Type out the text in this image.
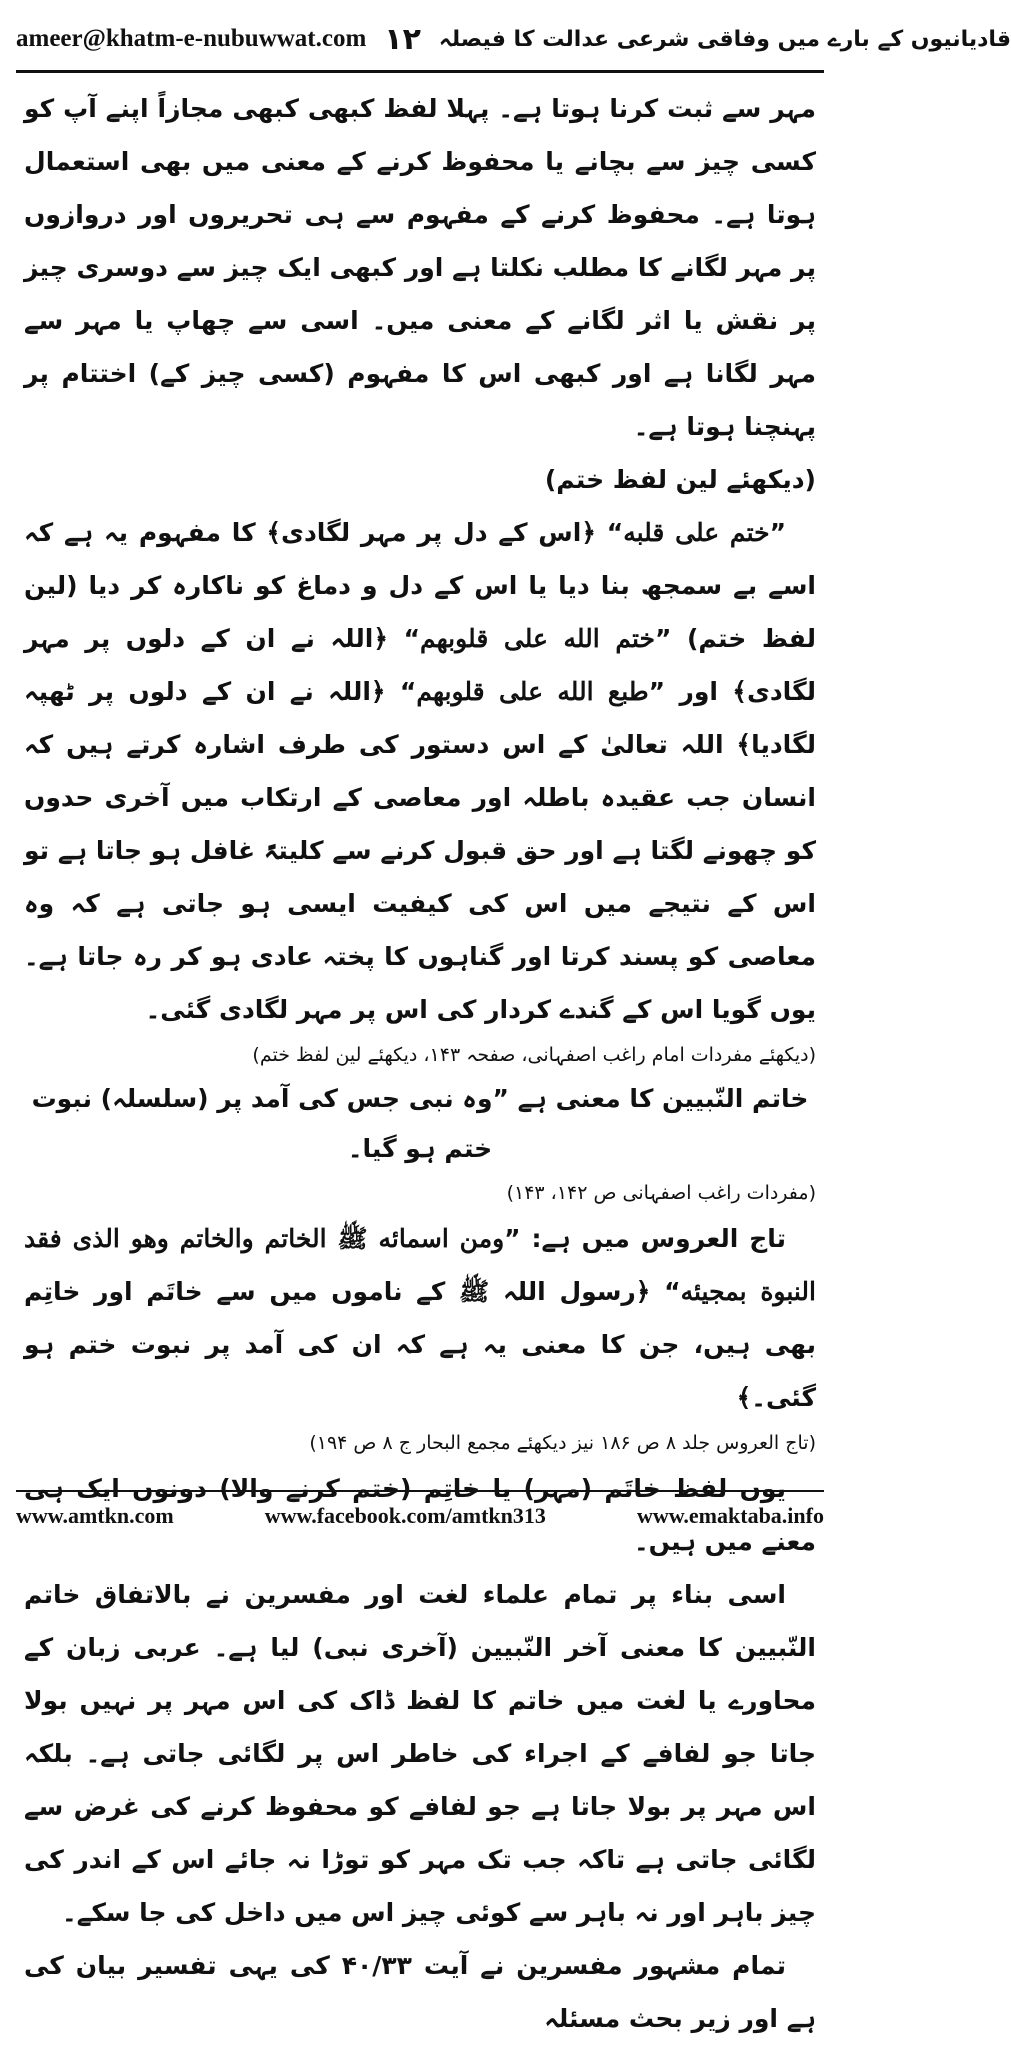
ameer@khatm-e-nubuwwat.com ۱۲ قادیانیوں کے بارے میں وفاقی شرعی عدالت کا فیصلہ

مہر سے ثبت کرنا ہوتا ہے۔ پہلا لفظ کبھی کبھی مجازاً اپنے آپ کو کسی چیز سے بچانے یا محفوظ کرنے کے معنی میں بھی استعمال ہوتا ہے۔ محفوظ کرنے کے مفہوم سے ہی تحریروں اور دروازوں پر مہر لگانے کا مطلب نکلتا ہے اور کبھی ایک چیز سے دوسری چیز پر نقش یا اثر لگانے کے معنی میں۔ اسی سے چھاپ یا مہر سے مہر لگانا ہے اور کبھی اس کا مفہوم (کسی چیز کے) اختتام پر پہنچنا ہوتا ہے۔

(دیکھئے لین لفظ ختم)

”ختم علی قلبه“ ﴿اس کے دل پر مہر لگادی﴾ کا مفہوم یہ ہے کہ اسے بے سمجھ بنا دیا یا اس کے دل و دماغ کو ناکارہ کر دیا (لین لفظ ختم) ”ختم الله علی قلوبهم“ ﴿اللہ نے ان کے دلوں پر مہر لگادی﴾ اور ”طبع الله علی قلوبهم“ ﴿اللہ نے ان کے دلوں پر ٹھپہ لگادیا﴾ اللہ تعالیٰ کے اس دستور کی طرف اشارہ کرتے ہیں کہ انسان جب عقیدہ باطلہ اور معاصی کے ارتکاب میں آخری حدوں کو چھونے لگتا ہے اور حق قبول کرنے سے کلیتہً غافل ہو جاتا ہے تو اس کے نتیجے میں اس کی کیفیت ایسی ہو جاتی ہے کہ وہ معاصی کو پسند کرتا اور گناہوں کا پختہ عادی ہو کر رہ جاتا ہے۔ یوں گویا اس کے گندے کردار کی اس پر مہر لگادی گئی۔

(دیکھئے مفردات امام راغب اصفہانی، صفحہ ۱۴۳، دیکھئے لین لفظ ختم)

خاتم النّبیین کا معنی ہے ”وہ نبی جس کی آمد پر (سلسلہ) نبوت ختم ہو گیا۔

(مفردات راغب اصفہانی ص ۱۴۲، ۱۴۳)

تاج العروس میں ہے: ”ومن اسمائه ﷺ الخاتم والخاتم وهو الذی فقد النبوة بمجیئه“ ﴿رسول اللہ ﷺ کے ناموں میں سے خاتَم اور خاتِم بھی ہیں، جن کا معنی یہ ہے کہ ان کی آمد پر نبوت ختم ہو گئی۔﴾

(تاج العروس جلد ۸ ص ۱۸۶ نیز دیکھئے مجمع البحار ج ۸ ص ۱۹۴)

یوں لفظ خاتَم (مہر) یا خاتِم (ختم کرنے والا) دونوں ایک ہی معنے میں ہیں۔

اسی بناء پر تمام علماء لغت اور مفسرین نے بالاتفاق خاتم النّبیین کا معنی آخر النّبیین (آخری نبی) لیا ہے۔ عربی زبان کے محاورے یا لغت میں خاتم کا لفظ ڈاک کی اس مہر پر نہیں بولا جاتا جو لفافے کے اجراء کی خاطر اس پر لگائی جاتی ہے۔ بلکہ اس مہر پر بولا جاتا ہے جو لفافے کو محفوظ کرنے کی غرض سے لگائی جاتی ہے تاکہ جب تک مہر کو توڑا نہ جائے اس کے اندر کی چیز باہر اور نہ باہر سے کوئی چیز اس میں داخل کی جا سکے۔

تمام مشہور مفسرین نے آیت ۴۰/۳۳ کی یہی تفسیر بیان کی ہے اور زیر بحث مسئلہ

www.amtkn.com	www.facebook.com/amtkn313	www.emaktaba.info
